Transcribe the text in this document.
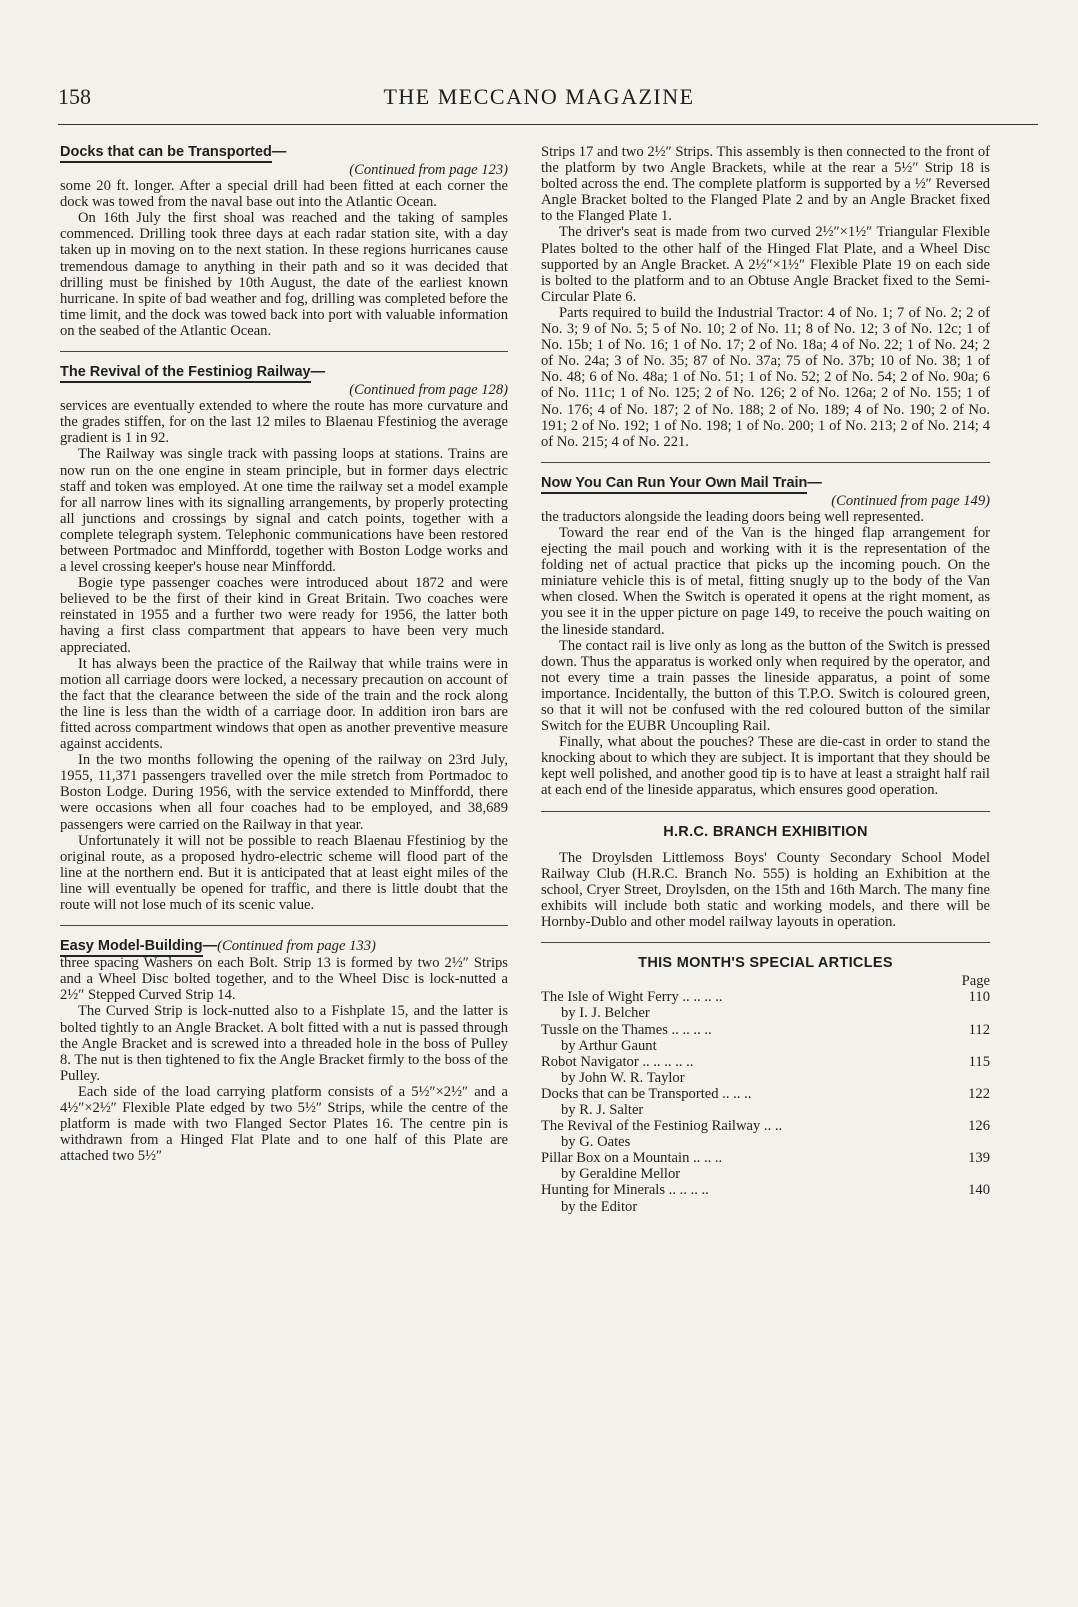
158	THE MECCANO MAGAZINE
Docks that can be Transported—
(Continued from page 123)

some 20 ft. longer. After a special drill had been fitted at each corner the dock was towed from the naval base out into the Atlantic Ocean.

On 16th July the first shoal was reached and the taking of samples commenced. Drilling took three days at each radar station site, with a day taken up in moving on to the next station. In these regions hurricanes cause tremendous damage to anything in their path and so it was decided that drilling must be finished by 10th August, the date of the earliest known hurricane. In spite of bad weather and fog, drilling was completed before the time limit, and the dock was towed back into port with valuable information on the seabed of the Atlantic Ocean.

The Revival of the Festiniog Railway—
(Continued from page 128)

services are eventually extended to where the route has more curvature and the grades stiffen, for on the last 12 miles to Blaenau Ffestiniog the average gradient is 1 in 92.

The Railway was single track with passing loops at stations. Trains are now run on the one engine in steam principle, but in former days electric staff and token was employed. At one time the railway set a model example for all narrow lines with its signalling arrangements, by properly protecting all junctions and crossings by signal and catch points, together with a complete telegraph system. Telephonic communications have been restored between Portmadoc and Minffordd, together with Boston Lodge works and a level crossing keeper's house near Minffordd.

Bogie type passenger coaches were introduced about 1872 and were believed to be the first of their kind in Great Britain. Two coaches were reinstated in 1955 and a further two were ready for 1956, the latter both having a first class compartment that appears to have been very much appreciated.

It has always been the practice of the Railway that while trains were in motion all carriage doors were locked, a necessary precaution on account of the fact that the clearance between the side of the train and the rock along the line is less than the width of a carriage door. In addition iron bars are fitted across compartment windows that open as another preventive measure against accidents.

In the two months following the opening of the railway on 23rd July, 1955, 11,371 passengers travelled over the mile stretch from Portmadoc to Boston Lodge. During 1956, with the service extended to Minffordd, there were occasions when all four coaches had to be employed, and 38,689 passengers were carried on the Railway in that year.

Unfortunately it will not be possible to reach Blaenau Ffestiniog by the original route, as a proposed hydro-electric scheme will flood part of the line at the northern end. But it is anticipated that at least eight miles of the line will eventually be opened for traffic, and there is little doubt that the route will not lose much of its scenic value.

Easy Model-Building—(Continued from page 133)

three spacing Washers on each Bolt. Strip 13 is formed by two 2½″ Strips and a Wheel Disc bolted together, and to the Wheel Disc is lock-nutted a 2½″ Stepped Curved Strip 14.

The Curved Strip is lock-nutted also to a Fishplate 15, and the latter is bolted tightly to an Angle Bracket. A bolt fitted with a nut is passed through the Angle Bracket and is screwed into a threaded hole in the boss of Pulley 8. The nut is then tightened to fix the Angle Bracket firmly to the boss of the Pulley.

Each side of the load carrying platform consists of a 5½″×2½″ and a 4½″×2½″ Flexible Plate edged by two 5½″ Strips, while the centre of the platform is made with two Flanged Sector Plates 16. The centre pin is withdrawn from a Hinged Flat Plate and to one half of this Plate are attached two 5½″

Strips 17 and two 2½″ Strips. This assembly is then connected to the front of the platform by two Angle Brackets, while at the rear a 5½″ Strip 18 is bolted across the end. The complete platform is supported by a ½″ Reversed Angle Bracket bolted to the Flanged Plate 2 and by an Angle Bracket fixed to the Flanged Plate 1.

The driver's seat is made from two curved 2½″×1½″ Triangular Flexible Plates bolted to the other half of the Hinged Flat Plate, and a Wheel Disc supported by an Angle Bracket. A 2½″×1½″ Flexible Plate 19 on each side is bolted to the platform and to an Obtuse Angle Bracket fixed to the Semi-Circular Plate 6.

Parts required to build the Industrial Tractor: 4 of No. 1; 7 of No. 2; 2 of No. 3; 9 of No. 5; 5 of No. 10; 2 of No. 11; 8 of No. 12; 3 of No. 12c; 1 of No. 15b; 1 of No. 16; 1 of No. 17; 2 of No. 18a; 4 of No. 22; 1 of No. 24; 2 of No. 24a; 3 of No. 35; 87 of No. 37a; 75 of No. 37b; 10 of No. 38; 1 of No. 48; 6 of No. 48a; 1 of No. 51; 1 of No. 52; 2 of No. 54; 2 of No. 90a; 6 of No. 111c; 1 of No. 125; 2 of No. 126; 2 of No. 126a; 2 of No. 155; 1 of No. 176; 4 of No. 187; 2 of No. 188; 2 of No. 189; 4 of No. 190; 2 of No. 191; 2 of No. 192; 1 of No. 198; 1 of No. 200; 1 of No. 213; 2 of No. 214; 4 of No. 215; 4 of No. 221.

Now You Can Run Your Own Mail Train—
(Continued from page 149)

the traductors alongside the leading doors being well represented.

Toward the rear end of the Van is the hinged flap arrangement for ejecting the mail pouch and working with it is the representation of the folding net of actual practice that picks up the incoming pouch. On the miniature vehicle this is of metal, fitting snugly up to the body of the Van when closed. When the Switch is operated it opens at the right moment, as you see it in the upper picture on page 149, to receive the pouch waiting on the lineside standard.

The contact rail is live only as long as the button of the Switch is pressed down. Thus the apparatus is worked only when required by the operator, and not every time a train passes the lineside apparatus, a point of some importance. Incidentally, the button of this T.P.O. Switch is coloured green, so that it will not be confused with the red coloured button of the similar Switch for the EUBR Uncoupling Rail.

Finally, what about the pouches? These are die-cast in order to stand the knocking about to which they are subject. It is important that they should be kept well polished, and another good tip is to have at least a straight half rail at each end of the lineside apparatus, which ensures good operation.

H.R.C. BRANCH EXHIBITION

The Droylsden Littlemoss Boys' County Secondary School Model Railway Club (H.R.C. Branch No. 555) is holding an Exhibition at the school, Cryer Street, Droylsden, on the 15th and 16th March. The many fine exhibits will include both static and working models, and there will be Hornby-Dublo and other model railway layouts in operation.

THIS MONTH'S SPECIAL ARTICLES
Page
The Isle of Wight Ferry .. .. .. ..	110
by I. J. Belcher
Tussle on the Thames .. .. .. ..	112
by Arthur Gaunt
Robot Navigator .. .. .. .. ..	115
by John W. R. Taylor
Docks that can be Transported .. .. ..	122
by R. J. Salter
The Revival of the Festiniog Railway .. ..	126
by G. Oates
Pillar Box on a Mountain .. .. ..	139
by Geraldine Mellor
Hunting for Minerals .. .. .. ..	140
by the Editor
